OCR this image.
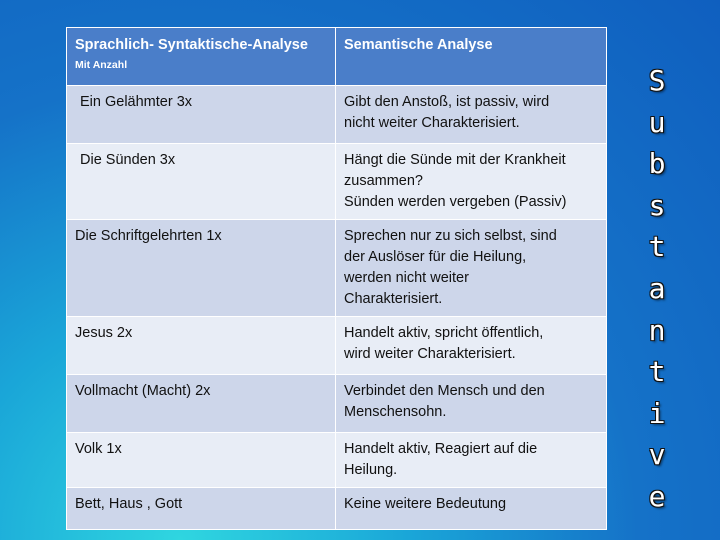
Sprachlich- Syntaktische-Analyse
Mit Anzahl	Semantische Analyse

Ein Gelähmter 3x	Gibt den Anstoß, ist passiv, wird
nicht weiter Charakterisiert.

Die Sünden 3x	Hängt die Sünde mit der Krankheit
zusammen?
Sünden werden vergeben (Passiv)

Die Schriftgelehrten 1x	Sprechen nur zu sich selbst, sind
der Auslöser für die Heilung,
werden nicht weiter
Charakterisiert.

Jesus 2x	Handelt aktiv, spricht öffentlich,
wird weiter Charakterisiert.

Vollmacht (Macht) 2x	Verbindet den Mensch und den
Menschensohn.

Volk 1x	Handelt aktiv, Reagiert auf die
Heilung.

Bett, Haus , Gott	Keine weitere Bedeutung
S
u
b
s
t
a
n
t
i
v
e
